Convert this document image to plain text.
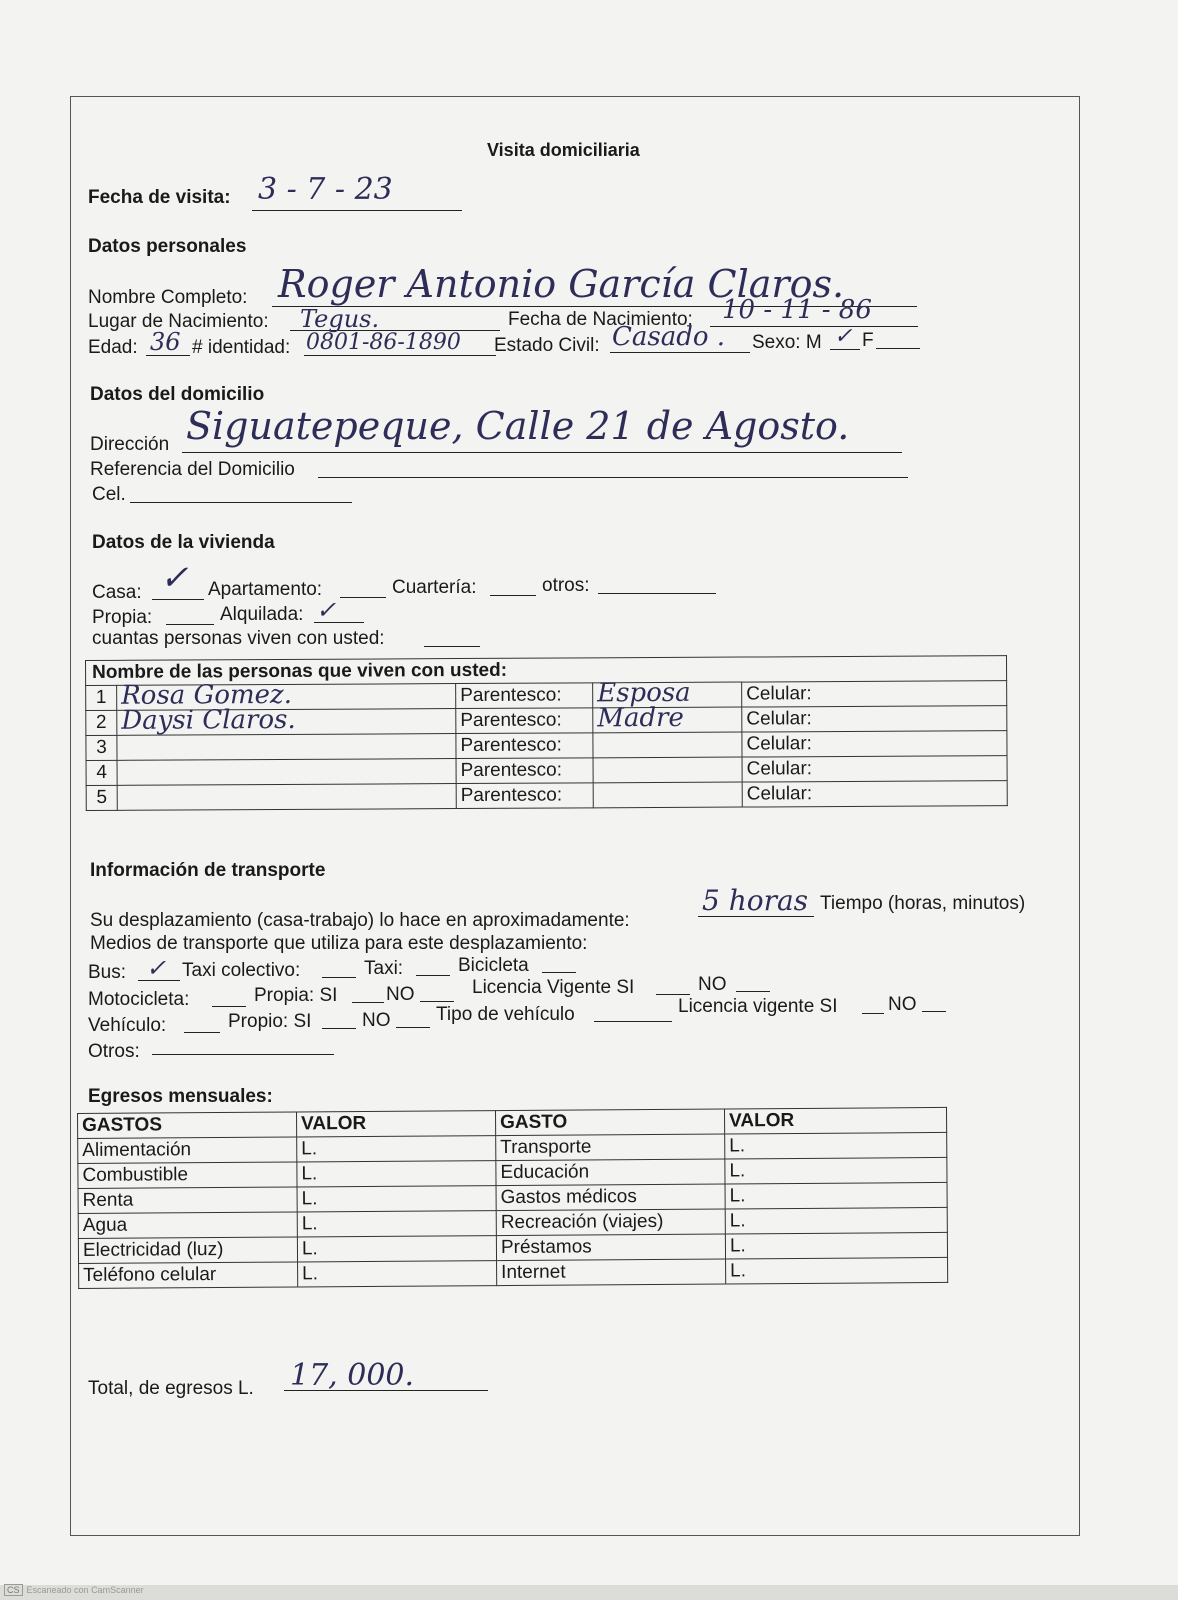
Visita domiciliaria
Fecha de visita: 3 - 7 - 23
Datos personales
Nombre Completo: Roger Antonio García Claros.
Lugar de Nacimiento: Tegus.	Fecha de Nacimiento: 10 - 11 - 86
Edad: 36 # identidad: 0801-86-1890 Estado Civil: Casado . Sexo: M ✓ F
Datos del domicilio
Dirección Siguatepeque, Calle 21 de Agosto.
Referencia del Domicilio
Cel.
Datos de la vivienda
Casa: ✓ Apartamento:	Cuartería:	otros:
Propia:	Alquilada: ✓
cuantas personas viven con usted:
Nombre de las personas que viven con usted:				
1	Rosa Gomez.	Parentesco:	Esposa	Celular:
2	Daysi Claros.	Parentesco:	Madre	Celular:
3		Parentesco:		Celular:
4		Parentesco:		Celular:
5		Parentesco:		Celular:
Información de transporte
Su desplazamiento (casa-trabajo) lo hace en aproximadamente:
5 horas Tiempo (horas, minutos)
Medios de transporte que utiliza para este desplazamiento:
Bus: ✓ Taxi colectivo:	Taxi:	Bicicleta
Motocicleta:	Propia: SI	NO	Licencia Vigente SI	NO
Vehículo:	Propio: SI	NO Tipo de vehículo	Licencia vigente SI	NO
Otros:
Egresos mensuales:
GASTOS	VALOR	GASTO	VALOR
Alimentación	L.	Transporte	L.
Combustible	L.	Educación	L.
Renta	L.	Gastos médicos	L.
Agua	L.	Recreación (viajes)	L.
Electricidad (luz)	L.	Préstamos	L.
Teléfono celular	L.	Internet	L.
Total, de egresos L. 17, 000.
CS Escaneado con CamScanner
